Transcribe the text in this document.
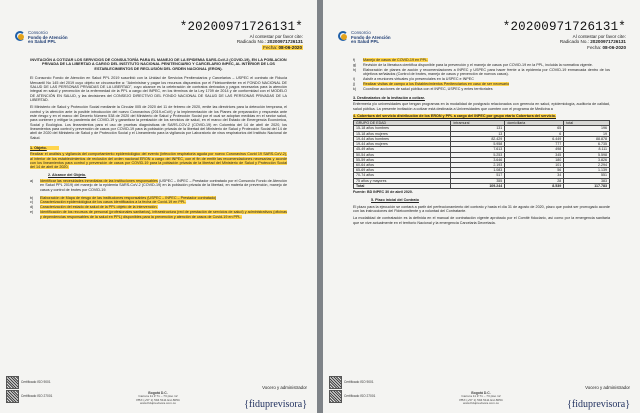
Consorcio
Fondo de Atención
en Salud PPL
*20200971726131*
Al contestar por favor cite:
Radicado No.: 20200971726131
Fecha: 08-06-2020
INVITACIÓN A COTIZAR LOS SERVICIOS DE CONSULTORÍA PARA EL MANEJO DE LA EPIDEMIA SARS-CoV-2 (COVID-19), EN LA POBLACION PRIVADA DE LA LIBERTAD A CARGO DEL INSTITUTO NACIONAL PENITENCIARIO Y CARCELARIO INPEC, AL INTERIOR DE LOS ESTABLECIMIENTOS DE RECLUSIÓN DEL ORDEN NACIONAL (ERON).

El Consorcio Fondo de Atención en Salud PPL 2019 suscribió con la Unidad de Servicios Penitenciarios y Carcelarios – USPEC el contrato de Fiducia Mercantil No 145 del 2019 cuyo objeto se circunscribe a: "Administrar y pagar los recursos dispuestos por el Fideicomitente en el FONDO NACIONAL DE SALUD DE LAS PERSONAS PRIVADAS DE LA LIBERTAD", cuyo alcance es la celebración de contratos derivados y pagos necesarios para la atención integral en salud y prevención de la enfermedad de la PPL a cargo del INPEC, en los términos de la Ley 1709 de 2014 y de conformidad con el MODELO DE ATENCIÓN EN SALUD, y las decisiones del CONSEJO DIRECTIVO DEL FONDO NACIONAL DE SALUD DE LAS PERSONAS PRIVADAS DE LA LIBERTAD.

El Ministerio de Salud y Protección Social mediante la Circular 005 de 2020 del 11 de febrero de 2020, emite las directrices para la detección temprana, el control y la atención ante la posible introducción del nuevo Coronavirus (2019-nCoV) y la implementación de los Planes de preparación y respuesta ante este riesgo y en el marco del Decreto Número 538 de 2020 del Ministerio de Salud y Protección Social por el cual se adoptan medidas en el sector salud, para contener y mitigar la pandemia del COVID-19 y garantizar la prestación de los servicios de salud, en el marco del Estado de Emergencia Económica, Social y Ecológica. Los lineamientos para el uso de pruebas diagnósticas de SARS-COV-2 (COVID-19) en Colombia del 14 de abril de 2020, los lineamientos para control y prevención de casos por COVID-19 para la población privada de la libertad del Ministerio de Salud y Protección Social del 14 de abril de 2020 del Ministerio de Salud y de Protección Social y el Lineamiento para la vigilancia por Laboratorio de virus respiratorios del Instituto Nacional de Salud.

1. Objeto.

Realizar el análisis y vigilancia del comportamiento epidemiológico del evento (infección respiratoria aguda por nuevo Coronavirus Covid 19 SARS-CoV-2), al interior de los establecimientos de reclusión del orden nacional ERON a cargo del INPEC, con el fin de emitir las recomendaciones necesarias y acorde con los lineamientos para control y prevención de casos por COVID-19 para la población privada de la libertad del Ministerio de Salud y Protección Social del 14 de abril de 2020.

2. Alcance del Objeto.
a)	Identificar las necesidades inmediatas de las instituciones responsables (USPEC – INPEC – Prestador contratado por el Consorcio Fondo de Atención en Salud PPL 2019) del manejo de la epidemia SARS-CoV-2 (COVID-19) en la población privada de la libertad, en materia de prevención, manejo de casos y control de brotes por COVID-19.
b)	Elaboración de Mapa de riesgo de las instituciones responsables (USPEC – INPEC – Prestador contratado)
c)	Caracterización epidemiológica de los casos identificados a la fecha de Covid-19 en PPL.
d)	Caracterización del estado de salud de la PPL objeto de la intervención.
e)	Identificación de los recursos de personal (profesionales sanitarios), infraestructura (red de prestación de servicios de salud) y administrativos (oficinas y dependencias responsables de la salud en PPL) disponibles para la prevención y atención de casos de Covid-19 en PPL.
Certificado ISO 9001
Certificado ISO 27001
Bogotá D.C.
Carrera 11 # 71 – 73 piso 12
PBX (+57 1) 594 5111 Ext.8054
www.fiduprevisora.com.co
Vocero y administrador
{fiduprevisora}
Consorcio
Fondo de Atención
en Salud PPL
*20200971726131*
Al contestar por favor cite:
Radicado No.: 20200971726131
Fecha: 08-06-2020
f)	Manejo de casos de COVID-19 en PPL.
g)	Revisión de la literatura científica disponible para la prevención y el manejo de casos por COVID-19 en la PPL, incluida la normativa vigente.
h)	Elaboración de planes de acción y recomendaciones a INPEC y USPEC para hacer frente a la epidemia por COVID-19 enmarcada dentro de los objetivos señalados (Control de brotes, manejo de casos y prevención de nuevos casos).
i)	Asistir a reuniones virtuales y/o presenciales en la USPEC e INPEC
j)	Realizar visitas de campo a los Establecimientos Penitenciarios en caso de ser necesario
k)	Coordinar acciones de salud pública con el INPEC, USPEC y entes territoriales
3. Destinatarios de la invitación a cotizar.

Enfermeria y/o universidades que tengan programas en la modalidad de postgrado relacionados con gerencia en salud, epidemiología, auditoría de calidad, salud pública. La presente invitación a cotizar está destinada a Universidades que cuenten con el programa de Medicina a

4. Cobertura del servicio distribución de los ERON y PPL a cargo del INPEC por grupo etario Cobertura del servicio.
GRUPO DE EDAD	intramural	domiciliaria	total
15-18 años hombres	131	65	196
15-18 años mujeres	13	6	19
19-44 años hombres	82.429	6.449	88.878
19-44 años mujeres	5.958	777	6.735
45-49 años	7.613	498	8.111
50-54 años	5.253	345	5.598
55-59 años	3.646	180	3.826
60-64 años	2.193	101	2.294
65-69 años	1.083	56	1.139
70-74 años	517	34	551
75 años y mayores	355	28	383
Total	109.244	8.539	117.783
Fuente: BD INPEC 30 de abril 2020.
5. Plazo inicial del Contrato

El plazo para la ejecución se contará a partir del perfeccionamiento del contrato y hasta el día 31 de agosto de 2020, plazo que podrá ser prorrogado acorde con las instrucciones del Fideicomitente y a voluntad del Contratante.

La modalidad de contratación es la definida en el manual de contratación vigente aprobado por el Comité fiduciario, así como por la emergencia sanitaria que se vive actualmente en el territorio Nacional y la emergencia Carcelaria Decretada.

Certificado ISO 9001
Certificado ISO 27001
Bogotá D.C.
Carrera 11 # 71 – 73 piso 12
PBX (+57 1) 594 5111 Ext.8054
www.fiduprevisora.com.co
Vocero y administrador
{fiduprevisora}
